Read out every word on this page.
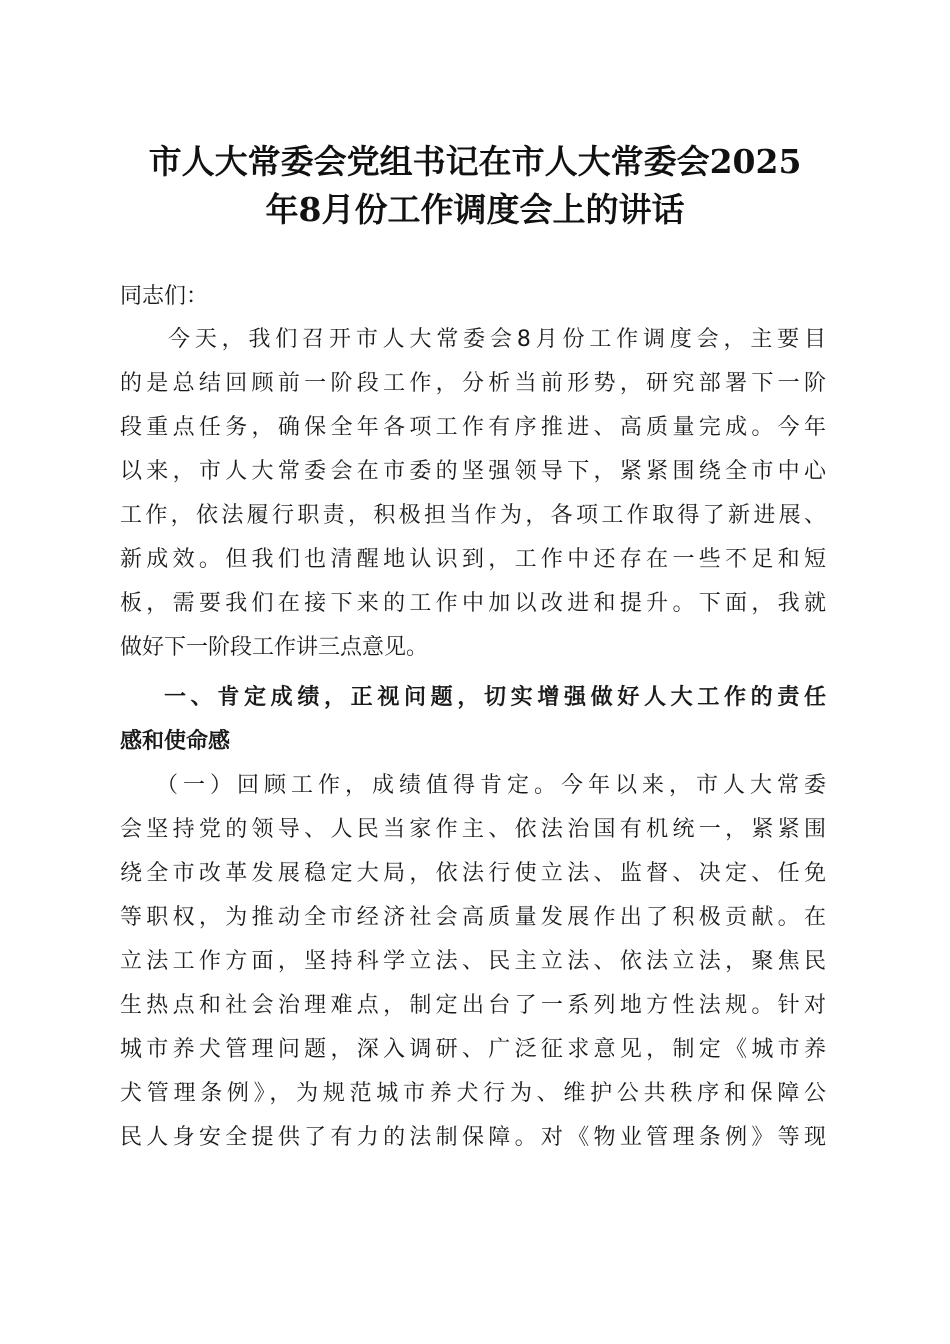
市人大常委会党组书记在市人大常委会2025
年8月份工作调度会上的讲话
同志们：
今天，我们召开市人大常委会8月份工作调度会，主要目
的是总结回顾前一阶段工作，分析当前形势，研究部署下一阶
段重点任务，确保全年各项工作有序推进、高质量完成。今年
以来，市人大常委会在市委的坚强领导下，紧紧围绕全市中心
工作，依法履行职责，积极担当作为，各项工作取得了新进展、
新成效。但我们也清醒地认识到，工作中还存在一些不足和短
板，需要我们在接下来的工作中加以改进和提升。下面，我就
做好下一阶段工作讲三点意见。
一、肯定成绩，正视问题，切实增强做好人大工作的责任
感和使命感
（一）回顾工作，成绩值得肯定。今年以来，市人大常委
会坚持党的领导、人民当家作主、依法治国有机统一，紧紧围
绕全市改革发展稳定大局，依法行使立法、监督、决定、任免
等职权，为推动全市经济社会高质量发展作出了积极贡献。在
立法工作方面，坚持科学立法、民主立法、依法立法，聚焦民
生热点和社会治理难点，制定出台了一系列地方性法规。针对
城市养犬管理问题，深入调研、广泛征求意见，制定《城市养
犬管理条例》，为规范城市养犬行为、维护公共秩序和保障公
民人身安全提供了有力的法制保障。对《物业管理条例》等现
